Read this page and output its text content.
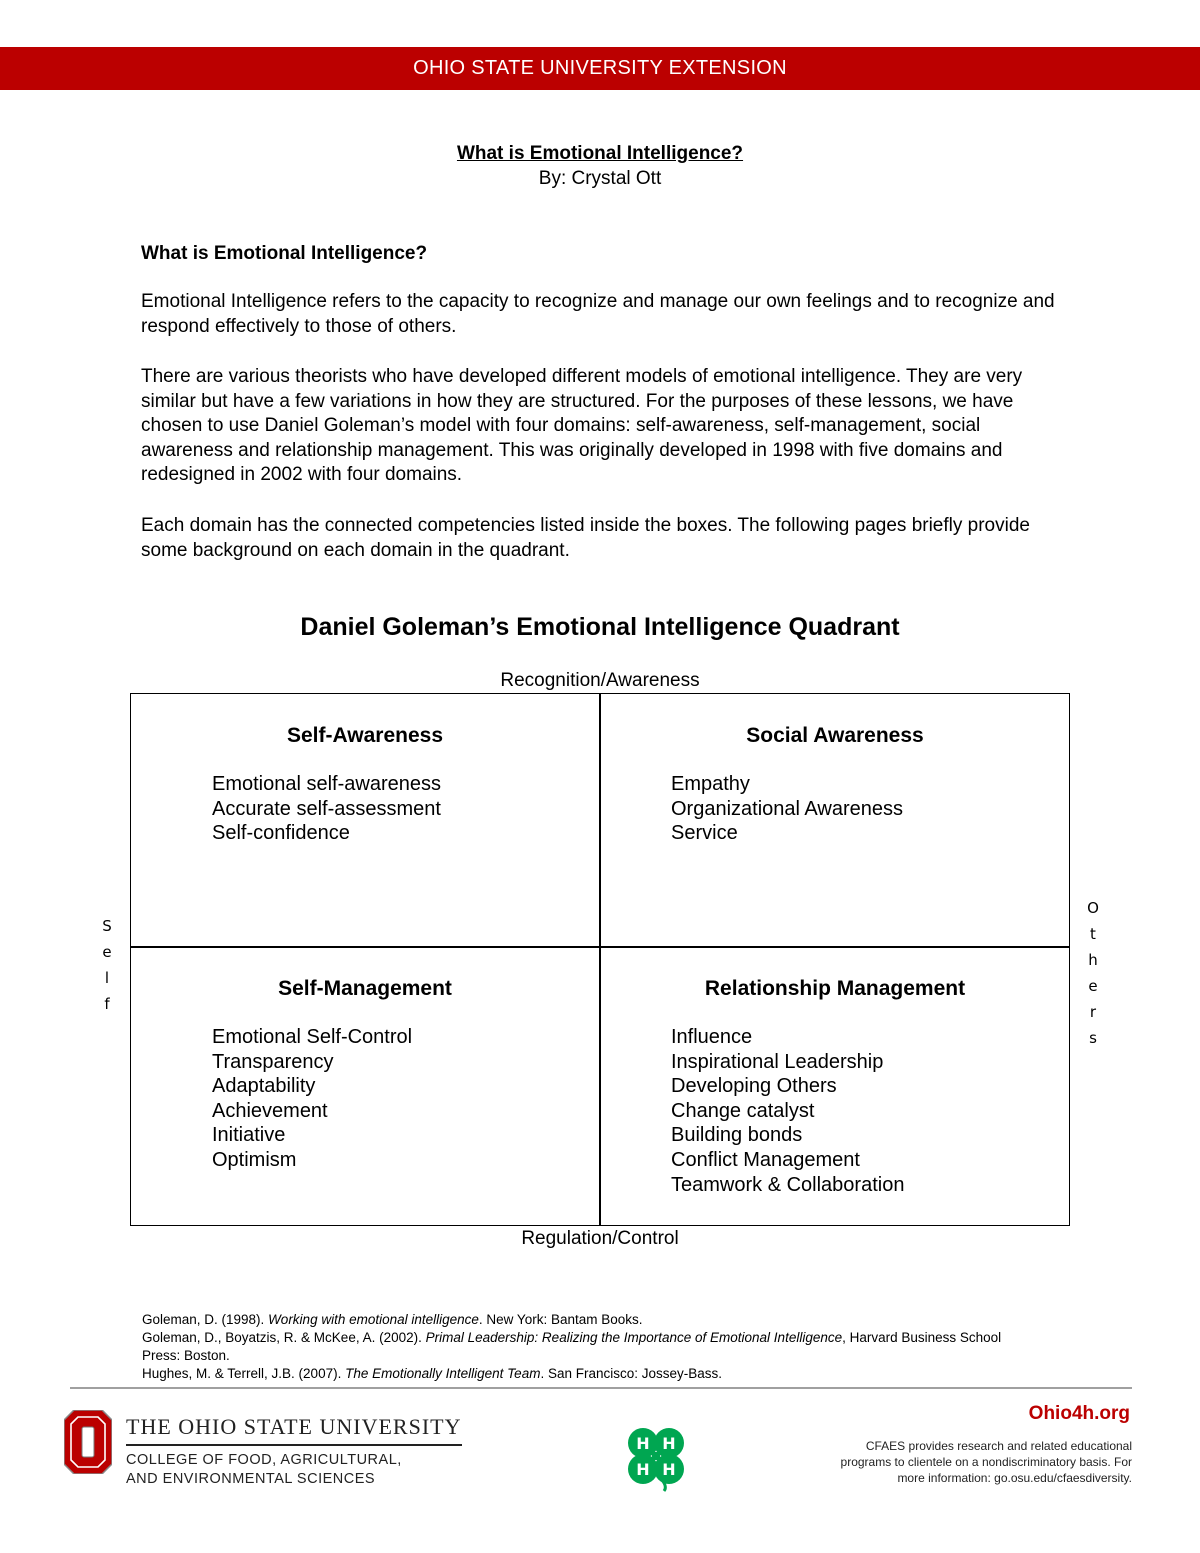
OHIO STATE UNIVERSITY EXTENSION
What is Emotional Intelligence?
By: Crystal Ott
What is Emotional Intelligence?

Emotional Intelligence refers to the capacity to recognize and manage our own feelings and to recognize and respond effectively to those of others.

There are various theorists who have developed different models of emotional intelligence. They are very similar but have a few variations in how they are structured. For the purposes of these lessons, we have chosen to use Daniel Goleman’s model with four domains: self-awareness, self-management, social awareness and relationship management. This was originally developed in 1998 with five domains and redesigned in 2002 with four domains.

Each domain has the connected competencies listed inside the boxes. The following pages briefly provide some background on each domain in the quadrant.

Daniel Goleman’s Emotional Intelligence Quadrant
Recognition/Awareness
Self-Awareness
Emotional self-awareness
Accurate self-assessment
Self-confidence
Social Awareness
Empathy
Organizational Awareness
Service
Self-Management
Emotional Self-Control
Transparency
Adaptability
Achievement
Initiative
Optimism
Relationship Management
Influence
Inspirational Leadership
Developing Others
Change catalyst
Building bonds
Conflict Management
Teamwork & Collaboration
S
e
l
f
O
t
h
e
r
s
Regulation/Control

Goleman, D. (1998). Working with emotional intelligence. New York: Bantam Books.

Goleman, D., Boyatzis, R. & McKee, A. (2002). Primal Leadership: Realizing the Importance of Emotional Intelligence, Harvard Business School Press: Boston.

Hughes, M. & Terrell, J.B. (2007). The Emotionally Intelligent Team. San Francisco: Jossey-Bass.

THE OHIO STATE UNIVERSITY
COLLEGE OF FOOD, AGRICULTURAL,
AND ENVIRONMENTAL SCIENCES
H H
H H
Ohio4h.org
CFAES provides research and related educational
programs to clientele on a nondiscriminatory basis. For
more information: go.osu.edu/cfaesdiversity.
